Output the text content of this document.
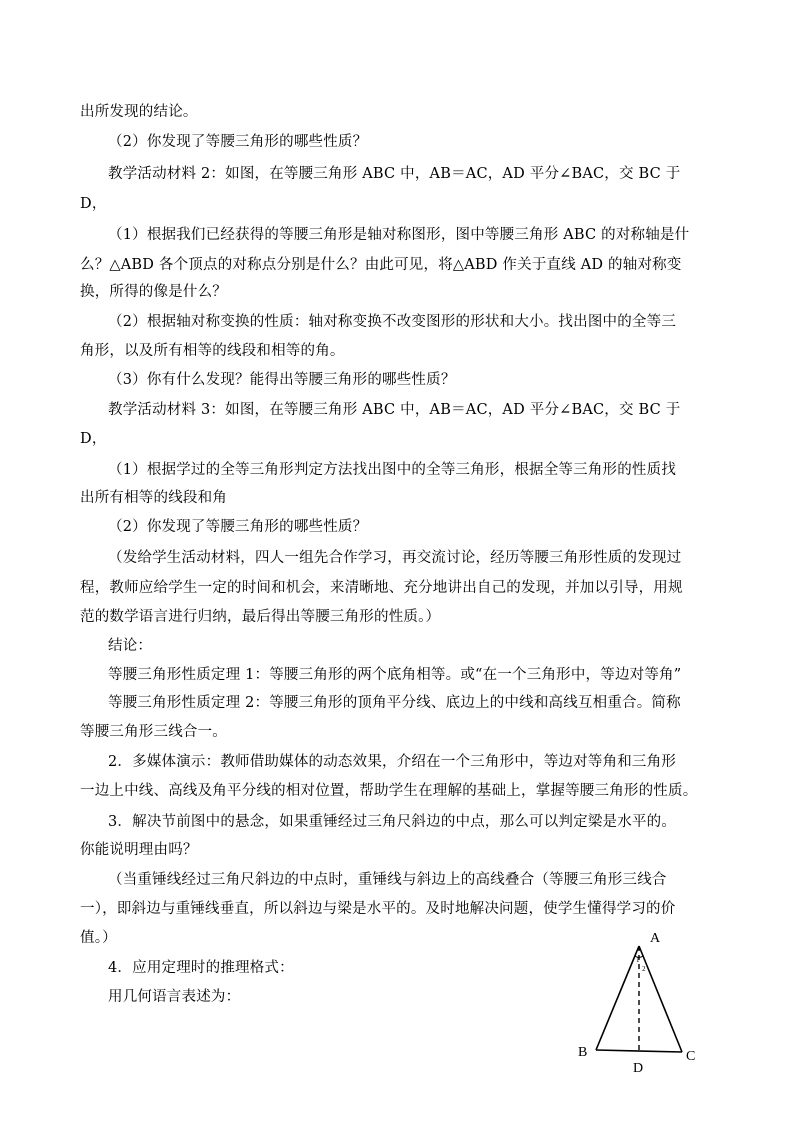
出所发现的结论。
（2）你发现了等腰三角形的哪些性质？
教学活动材料 2：如图，在等腰三角形 ABC 中，AB＝AC，AD 平分∠BAC，交 BC 于
D，
（1）根据我们已经获得的等腰三角形是轴对称图形，图中等腰三角形 ABC 的对称轴是什
么？△ABD 各个顶点的对称点分别是什么？由此可见，将△ABD 作关于直线 AD 的轴对称变
换，所得的像是什么？
（2）根据轴对称变换的性质：轴对称变换不改变图形的形状和大小。找出图中的全等三
角形，以及所有相等的线段和相等的角。
（3）你有什么发现？能得出等腰三角形的哪些性质？
教学活动材料 3：如图，在等腰三角形 ABC 中，AB＝AC，AD 平分∠BAC，交 BC 于
D，
（1）根据学过的全等三角形判定方法找出图中的全等三角形，根据全等三角形的性质找
出所有相等的线段和角
（2）你发现了等腰三角形的哪些性质？
（发给学生活动材料，四人一组先合作学习，再交流讨论，经历等腰三角形性质的发现过
程，教师应给学生一定的时间和机会，来清晰地、充分地讲出自己的发现，并加以引导，用规
范的数学语言进行归纳，最后得出等腰三角形的性质。）
结论：
等腰三角形性质定理 1：等腰三角形的两个底角相等。或“在一个三角形中，等边对等角”
等腰三角形性质定理 2：等腰三角形的顶角平分线、底边上的中线和高线互相重合。简称
等腰三角形三线合一。
2．多媒体演示：教师借助媒体的动态效果，介绍在一个三角形中，等边对等角和三角形
一边上中线、高线及角平分线的相对位置，帮助学生在理解的基础上，掌握等腰三角形的性质。
3．解决节前图中的悬念，如果重锤经过三角尺斜边的中点，那么可以判定梁是水平的。
你能说明理由吗？
（当重锤线经过三角尺斜边的中点时，重锤线与斜边上的高线叠合（等腰三角形三线合
一），即斜边与重锤线垂直，所以斜边与梁是水平的。及时地解决问题，使学生懂得学习的价
值。）
4．应用定理时的推理格式：
用几何语言表述为：
A
B	C
D
1
2
